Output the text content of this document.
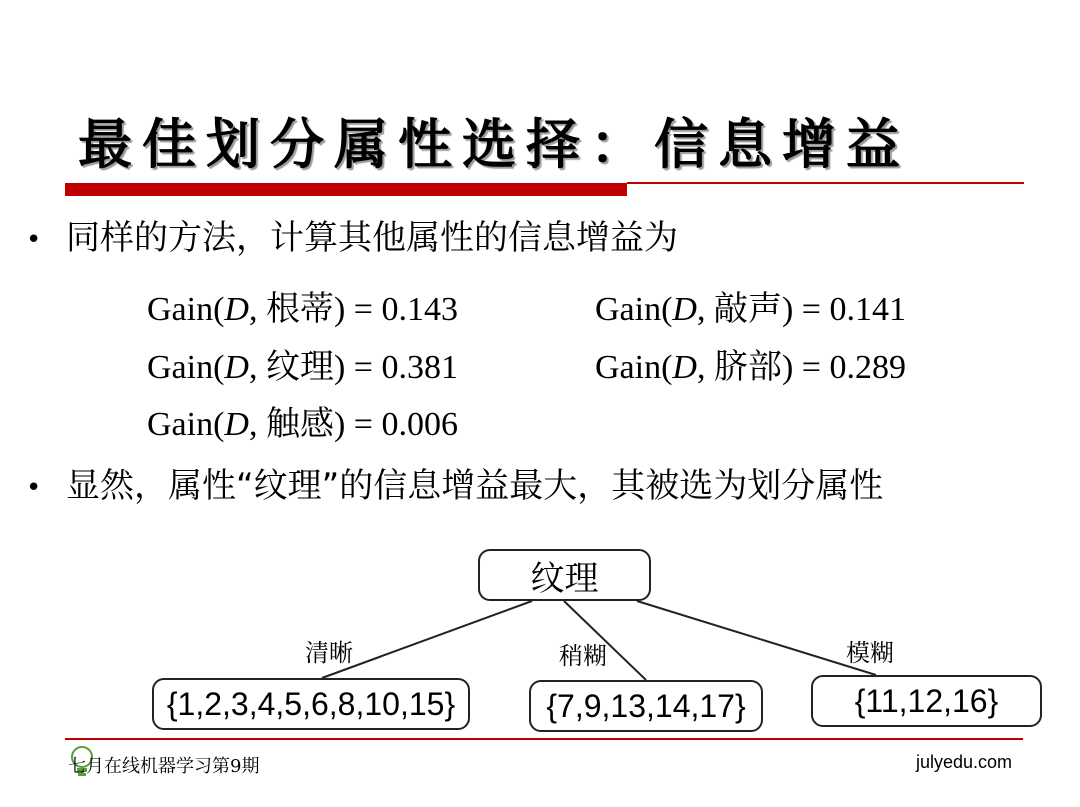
最佳划分属性选择：信息增益
• 同样的方法，计算其他属性的信息增益为
Gain(D, 根蒂) = 0.143	Gain(D, 敲声) = 0.141
Gain(D, 纹理) = 0.381	Gain(D, 脐部) = 0.289
Gain(D, 触感) = 0.006
• 显然，属性“纹理”的信息增益最大，其被选为划分属性
纹理
清晰	稍糊	模糊
{1,2,3,4,5,6,8,10,15}	{7,9,13,14,17}	{11,12,16}
七月在线机器学习第9期	julyedu.com
